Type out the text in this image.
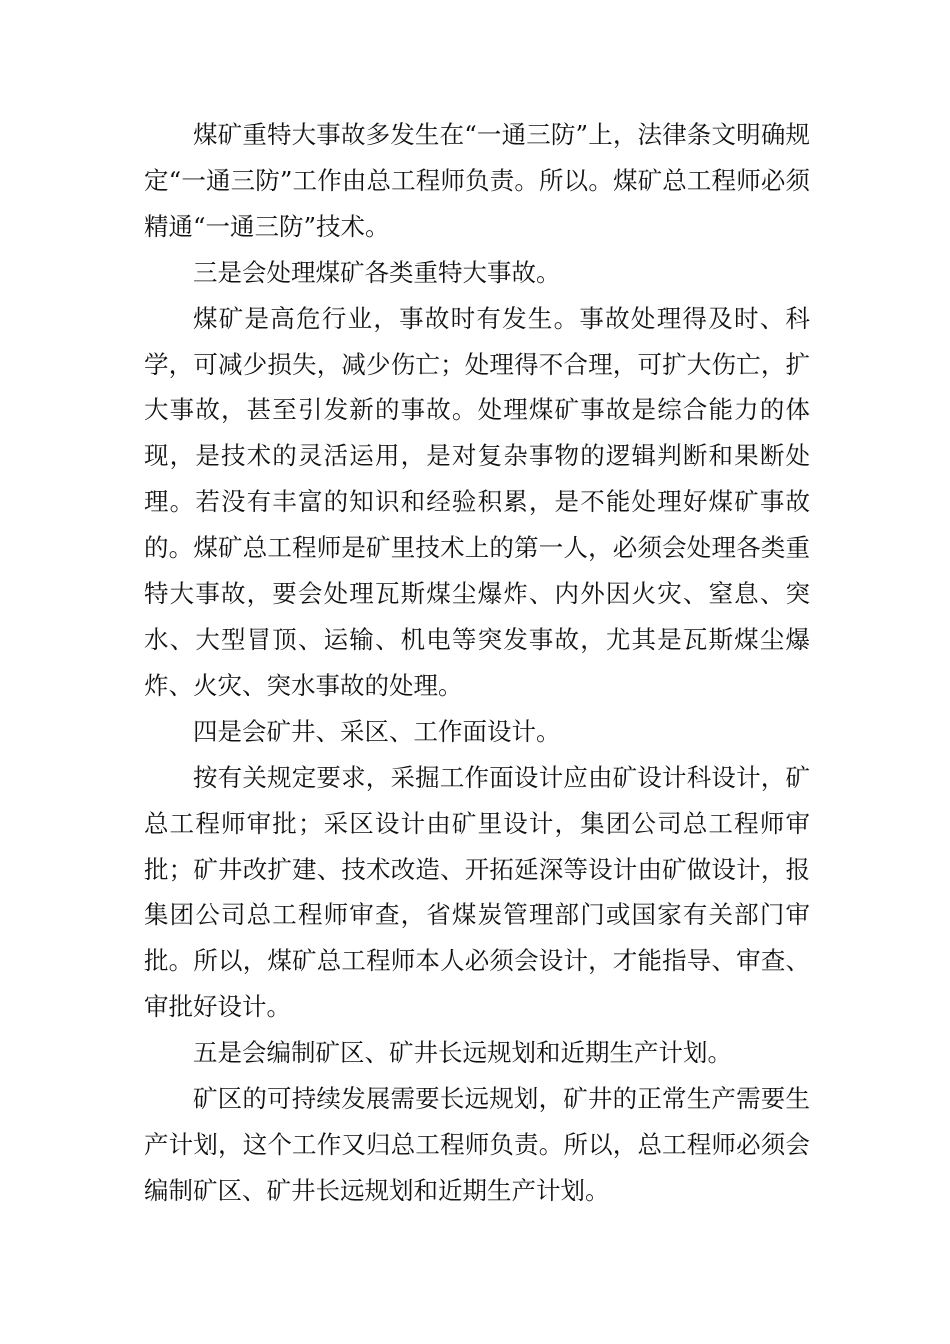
煤矿重特大事故多发生在“一通三防”上，法律条文明确规定“一通三防”工作由总工程师负责。所以。煤矿总工程师必须精通“一通三防”技术。

三是会处理煤矿各类重特大事故。

煤矿是高危行业，事故时有发生。事故处理得及时、科学，可减少损失，减少伤亡；处理得不合理，可扩大伤亡，扩大事故，甚至引发新的事故。处理煤矿事故是综合能力的体现，是技术的灵活运用，是对复杂事物的逻辑判断和果断处理。若没有丰富的知识和经验积累，是不能处理好煤矿事故的。煤矿总工程师是矿里技术上的第一人，必须会处理各类重特大事故，要会处理瓦斯煤尘爆炸、内外因火灾、窒息、突水、大型冒顶、运输、机电等突发事故，尤其是瓦斯煤尘爆炸、火灾、突水事故的处理。

四是会矿井、采区、工作面设计。

按有关规定要求，采掘工作面设计应由矿设计科设计，矿总工程师审批；采区设计由矿里设计，集团公司总工程师审批；矿井改扩建、技术改造、开拓延深等设计由矿做设计，报集团公司总工程师审查，省煤炭管理部门或国家有关部门审批。所以，煤矿总工程师本人必须会设计，才能指导、审查、审批好设计。

五是会编制矿区、矿井长远规划和近期生产计划。

矿区的可持续发展需要长远规划，矿井的正常生产需要生产计划，这个工作又归总工程师负责。所以，总工程师必须会编制矿区、矿井长远规划和近期生产计划。
